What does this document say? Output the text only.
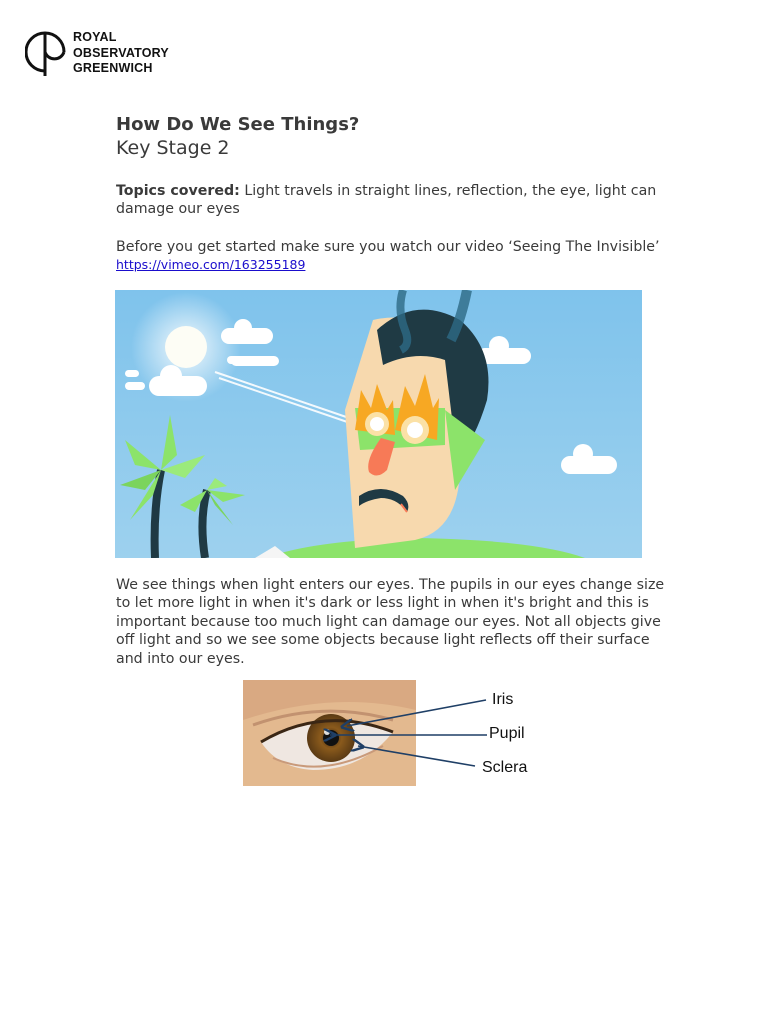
ROYAL
OBSERVATORY
GREENWICH
How Do We See Things?
Key Stage 2
Topics covered: Light travels in straight lines, reflection, the eye, light can damage our eyes
Before you get started make sure you watch our video ‘Seeing The Invisible’
https://vimeo.com/163255189
We see things when light enters our eyes. The pupils in our eyes change size to let more light in when it's dark or less light in when it's bright and this is important because too much light can damage our eyes. Not all objects give off light and so we see some objects because light reflects off their surface and into our eyes.
Iris
Pupil
Sclera
